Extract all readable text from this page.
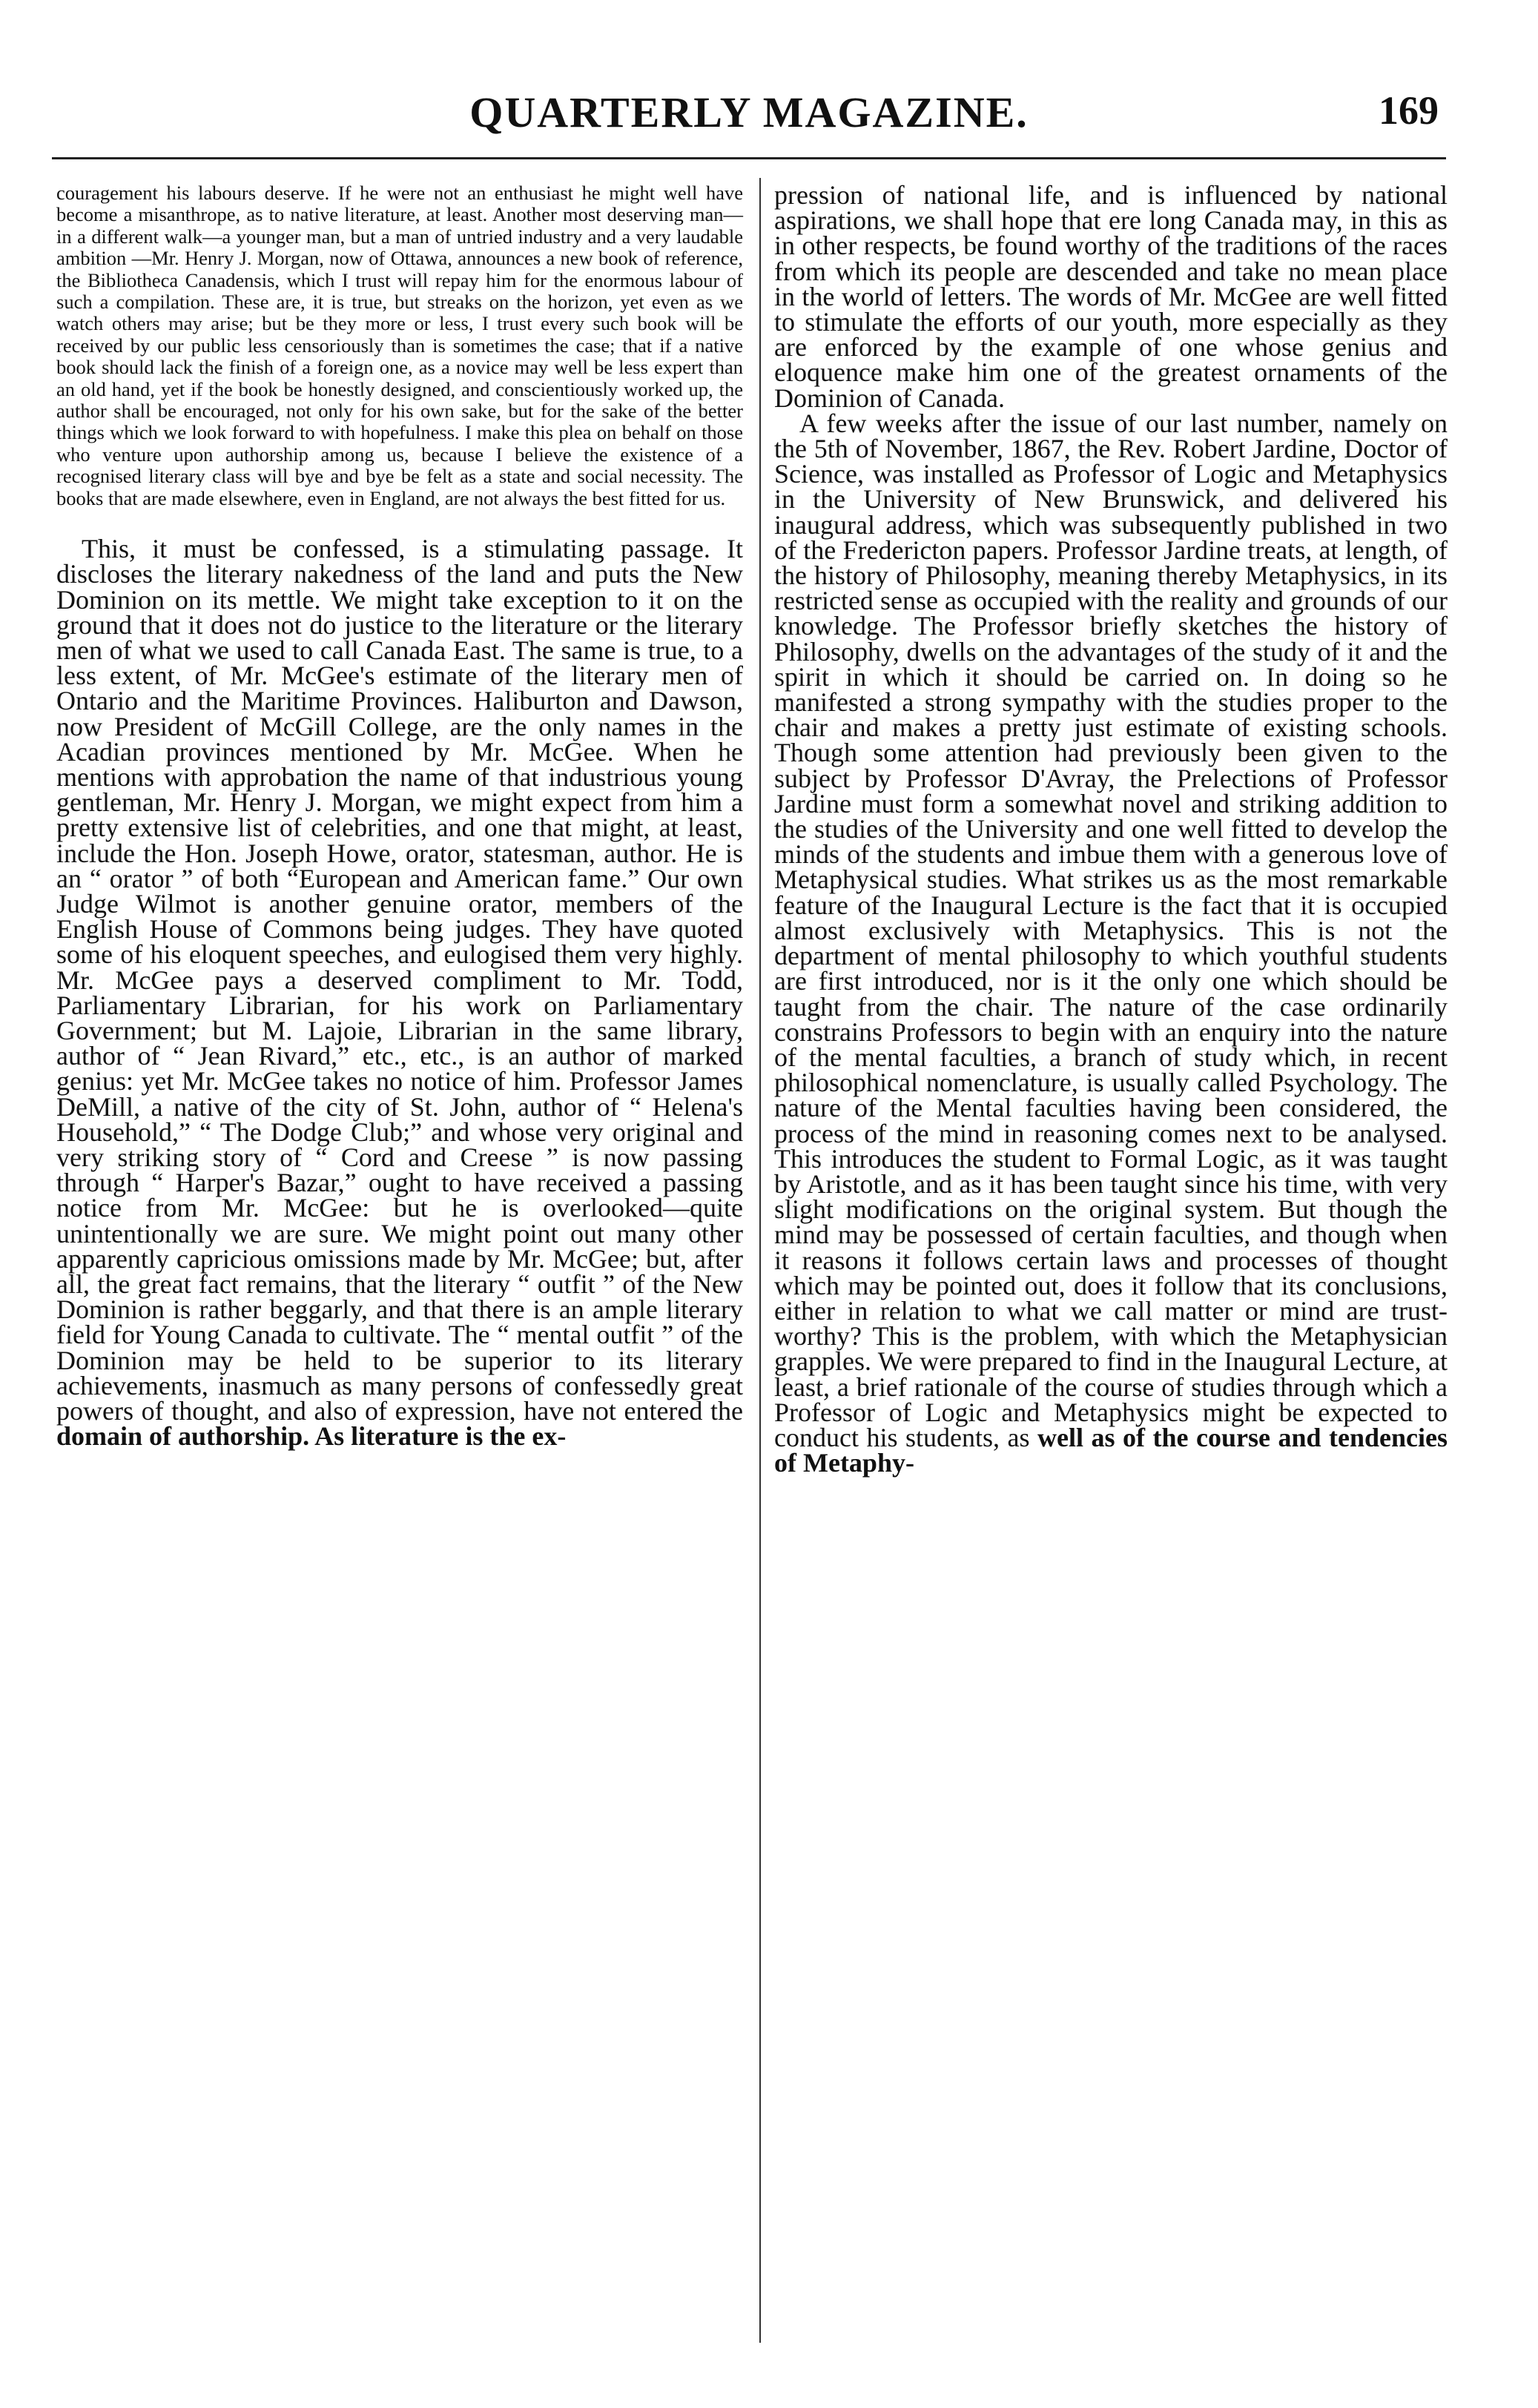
QUARTERLY MAGAZINE.	169

couragement his labours deserve. If he were not an enthusiast he might well have become a misanthrope, as to native literature, at least. Another most deserving man—in a different walk—a younger man, but a man of untried industry and a very laudable ambition —Mr. Henry J. Morgan, now of Ottawa, announces a new book of reference, the Bibliotheca Canadensis, which I trust will repay him for the enormous labour of such a compilation. These are, it is true, but streaks on the horizon, yet even as we watch others may arise; but be they more or less, I trust every such book will be received by our public less censoriously than is sometimes the case; that if a native book should lack the finish of a foreign one, as a novice may well be less expert than an old hand, yet if the book be honestly designed, and conscientiously worked up, the author shall be encouraged, not only for his own sake, but for the sake of the better things which we look forward to with hopefulness. I make this plea on behalf on those who venture upon authorship among us, because I believe the existence of a recognised literary class will bye and bye be felt as a state and social necessity. The books that are made elsewhere, even in England, are not always the best fitted for us.

This, it must be confessed, is a stimulating passage. It discloses the literary nakedness of the land and puts the New Dominion on its mettle. We might take exception to it on the ground that it does not do justice to the literature or the literary men of what we used to call Canada East. The same is true, to a less extent, of Mr. McGee's estimate of the literary men of Ontario and the Maritime Provinces. Haliburton and Dawson, now President of McGill College, are the only names in the Acadian provinces mentioned by Mr. McGee. When he mentions with approbation the name of that industrious young gentleman, Mr. Henry J. Morgan, we might expect from him a pretty extensive list of celebrities, and one that might, at least, include the Hon. Joseph Howe, orator, statesman, author. He is an “ orator ” of both “European and American fame.” Our own Judge Wilmot is another genuine orator, members of the English House of Commons being judges. They have quoted some of his eloquent speeches, and eulogised them very highly. Mr. McGee pays a deserved compliment to Mr. Todd, Parliamentary Librarian, for his work on Parliamentary Government; but M. Lajoie, Librarian in the same library, author of “ Jean Rivard,” etc., etc., is an author of marked genius: yet Mr. McGee takes no notice of him. Professor James DeMill, a native of the city of St. John, author of “ Helena's Household,” “ The Dodge Club;” and whose very original and very striking story of “ Cord and Creese ” is now passing through “ Harper's Bazar,” ought to have received a passing notice from Mr. McGee: but he is overlooked—quite unintentionally we are sure. We might point out many other apparently capricious omissions made by Mr. McGee; but, after all, the great fact remains, that the literary “ outfit ” of the New Dominion is rather beggarly, and that there is an ample literary field for Young Canada to cultivate. The “ mental outfit ” of the Dominion may be held to be superior to its literary achievements, inasmuch as many persons of confessedly great powers of thought, and also of expression, have not entered the domain of authorship. As literature is the ex-

pression of national life, and is influenced by national aspirations, we shall hope that ere long Canada may, in this as in other respects, be found worthy of the traditions of the races from which its people are descended and take no mean place in the world of letters. The words of Mr. McGee are well fitted to stimulate the efforts of our youth, more especially as they are enforced by the example of one whose genius and eloquence make him one of the greatest ornaments of the Dominion of Canada.

A few weeks after the issue of our last number, namely on the 5th of November, 1867, the Rev. Robert Jardine, Doctor of Science, was installed as Professor of Logic and Metaphysics in the University of New Brunswick, and delivered his inaugural address, which was subsequently published in two of the Fredericton papers. Professor Jardine treats, at length, of the history of Philosophy, meaning thereby Metaphysics, in its restricted sense as occupied with the reality and grounds of our knowledge. The Professor briefly sketches the history of Philosophy, dwells on the advantages of the study of it and the spirit in which it should be carried on. In doing so he manifested a strong sympathy with the studies proper to the chair and makes a pretty just estimate of existing schools. Though some attention had previously been given to the subject by Professor D'Avray, the Prelections of Professor Jardine must form a somewhat novel and striking addition to the studies of the University and one well fitted to develop the minds of the students and imbue them with a generous love of Metaphysical studies. What strikes us as the most remarkable feature of the Inaugural Lecture is the fact that it is occupied almost exclusively with Metaphysics. This is not the department of mental philosophy to which youthful students are first introduced, nor is it the only one which should be taught from the chair. The nature of the case ordinarily constrains Professors to begin with an enquiry into the nature of the mental faculties, a branch of study which, in recent philosophical nomenclature, is usually called Psychology. The nature of the Mental faculties having been considered, the process of the mind in reasoning comes next to be analysed. This introduces the student to Formal Logic, as it was taught by Aristotle, and as it has been taught since his time, with very slight modifications on the original system. But though the mind may be possessed of certain faculties, and though when it reasons it follows certain laws and processes of thought which may be pointed out, does it follow that its conclusions, either in relation to what we call matter or mind are trust-worthy? This is the problem, with which the Metaphysician grapples. We were prepared to find in the Inaugural Lecture, at least, a brief rationale of the course of studies through which a Professor of Logic and Metaphysics might be expected to conduct his students, as well as of the course and tendencies of Metaphy-
